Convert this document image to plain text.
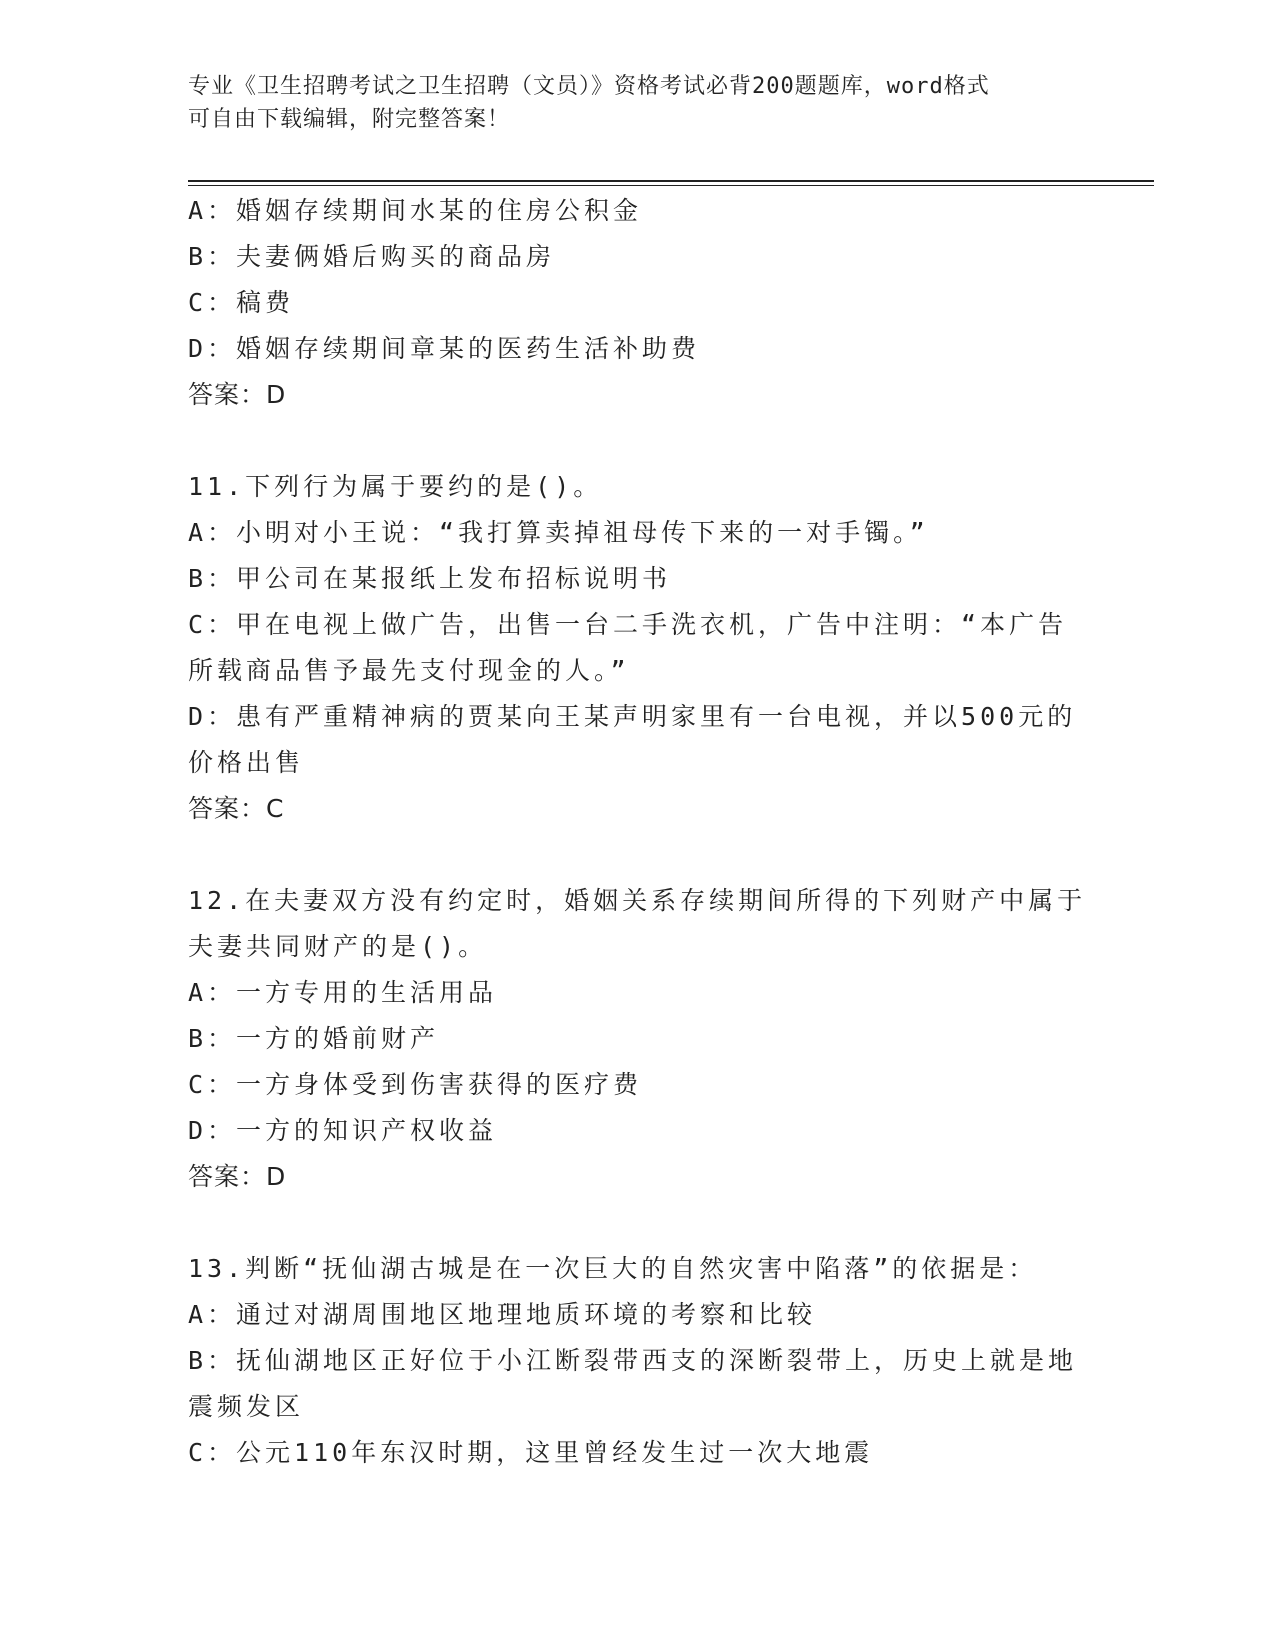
专业《卫生招聘考试之卫生招聘（文员）》资格考试必背200题题库，word格式
可自由下载编辑，附完整答案！
A：婚姻存续期间水某的住房公积金
B：夫妻俩婚后购买的商品房
C：稿费
D：婚姻存续期间章某的医药生活补助费
答案：D
11.下列行为属于要约的是()。
A：小明对小王说：“我打算卖掉祖母传下来的一对手镯。”
B：甲公司在某报纸上发布招标说明书
C：甲在电视上做广告，出售一台二手洗衣机，广告中注明：“本广告
所载商品售予最先支付现金的人。”
D：患有严重精神病的贾某向王某声明家里有一台电视，并以500元的
价格出售
答案：C
12.在夫妻双方没有约定时，婚姻关系存续期间所得的下列财产中属于
夫妻共同财产的是()。
A：一方专用的生活用品
B：一方的婚前财产
C：一方身体受到伤害获得的医疗费
D：一方的知识产权收益
答案：D
13.判断“抚仙湖古城是在一次巨大的自然灾害中陷落”的依据是：
A：通过对湖周围地区地理地质环境的考察和比较
B：抚仙湖地区正好位于小江断裂带西支的深断裂带上，历史上就是地
震频发区
C：公元110年东汉时期，这里曾经发生过一次大地震
